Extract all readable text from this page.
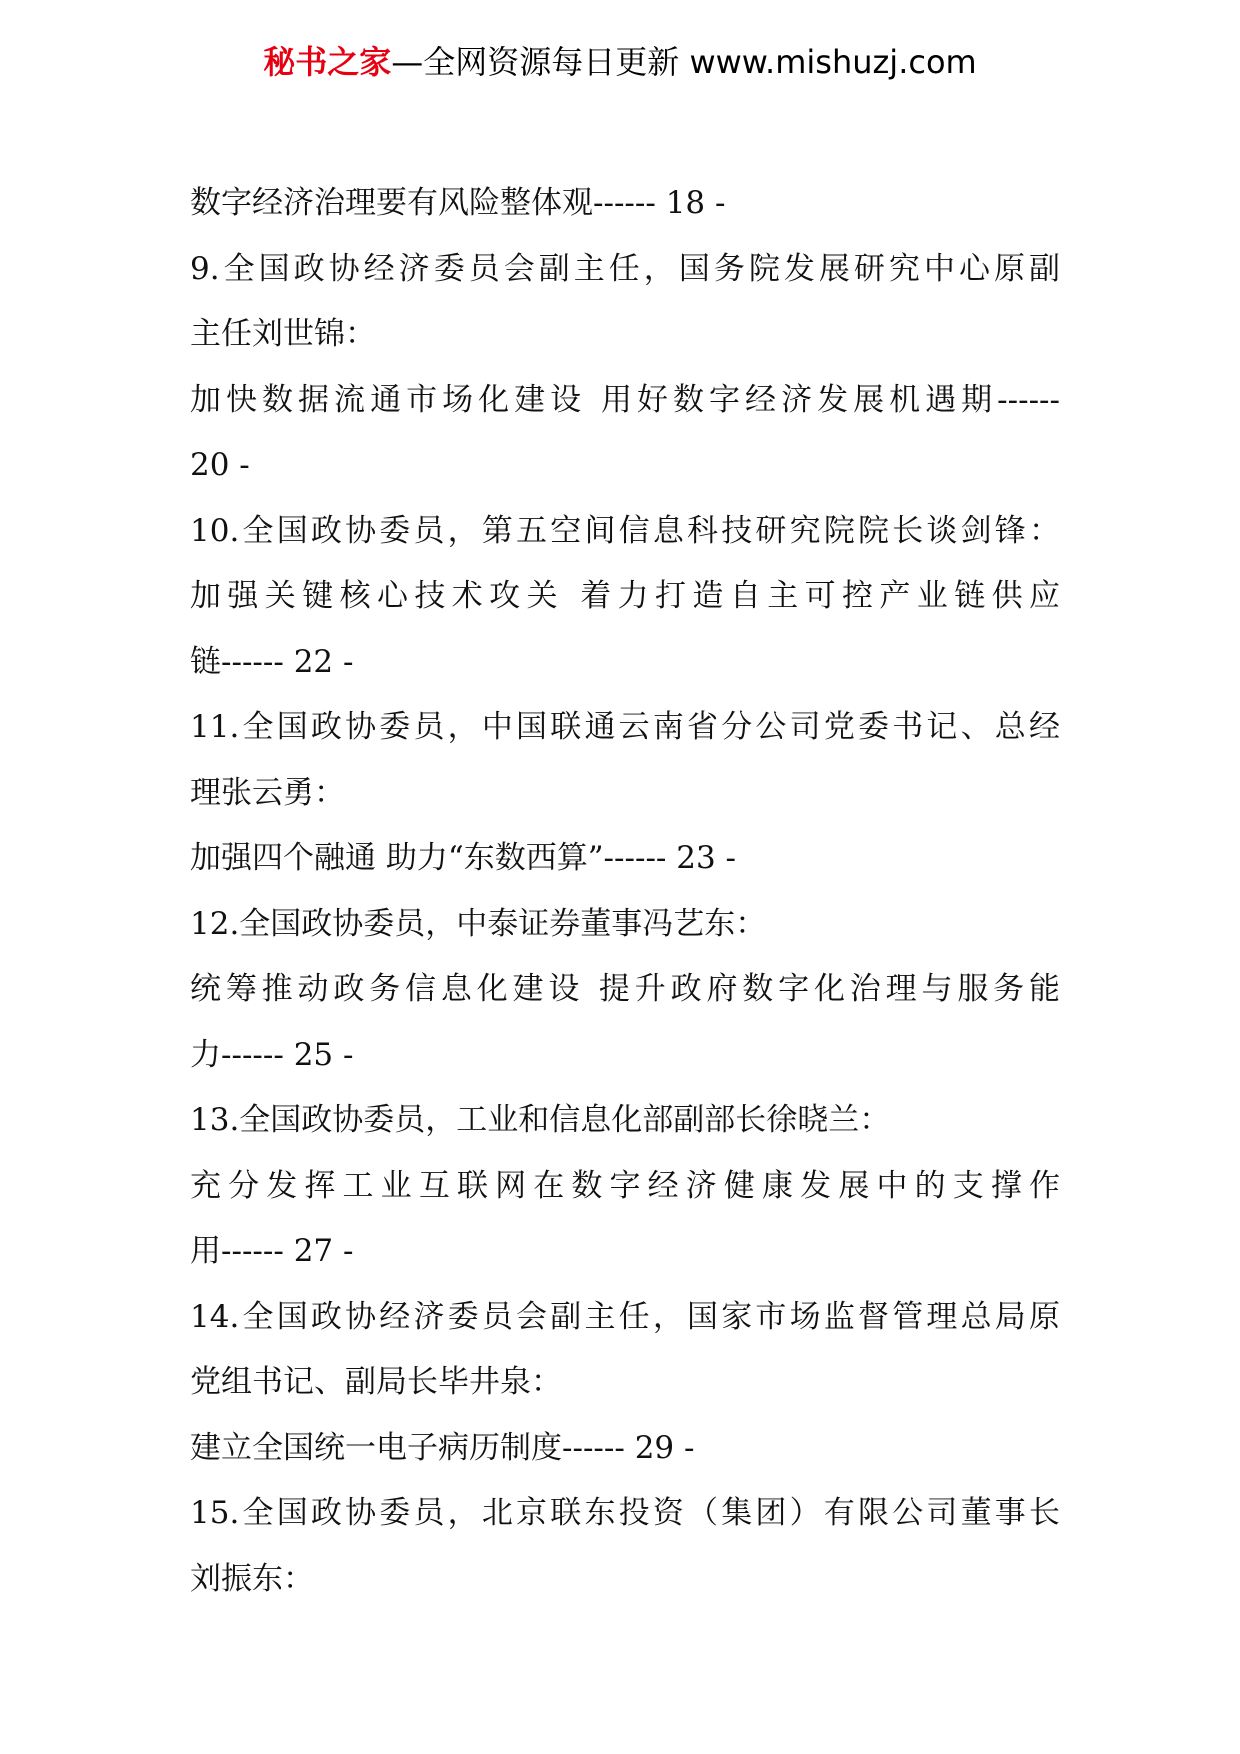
秘书之家—全网资源每日更新 www.mishuzj.com
数字经济治理要有风险整体观------ 18 -
9.全国政协经济委员会副主任，国务院发展研究中心原副
主任刘世锦：
加快数据流通市场化建设 用好数字经济发展机遇期------
20 -
10.全国政协委员，第五空间信息科技研究院院长谈剑锋：
加强关键核心技术攻关 着力打造自主可控产业链供应
链------ 22 -
11.全国政协委员，中国联通云南省分公司党委书记、总经
理张云勇：
加强四个融通 助力“东数西算”------ 23 -
12.全国政协委员，中泰证券董事冯艺东：
统筹推动政务信息化建设 提升政府数字化治理与服务能
力------ 25 -
13.全国政协委员，工业和信息化部副部长徐晓兰：
充分发挥工业互联网在数字经济健康发展中的支撑作
用------ 27 -
14.全国政协经济委员会副主任，国家市场监督管理总局原
党组书记、副局长毕井泉：
建立全国统一电子病历制度------ 29 -
15.全国政协委员，北京联东投资（集团）有限公司董事长
刘振东：
